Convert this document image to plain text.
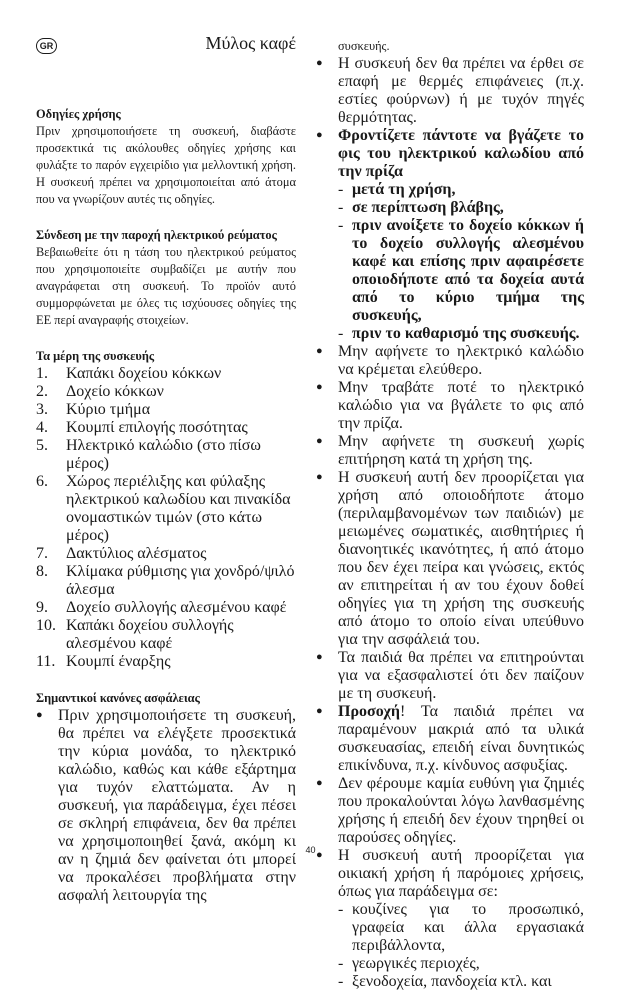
GR	Μύλος καφέ

Οδηγίες χρήσης

Πριν χρησιμοποιήσετε τη συσκευή, διαβάστε προσεκτικά τις ακόλουθες οδηγίες χρήσης και φυλάξτε το παρόν εγχειρίδιο για μελλοντική χρήση. Η συσκευή πρέπει να χρησιμοποιείται από άτομα που να γνωρίζουν αυτές τις οδηγίες.

Σύνδεση με την παροχή ηλεκτρικού ρεύματος

Βεβαιωθείτε ότι η τάση του ηλεκτρικού ρεύματος που χρησιμοποιείτε συμβαδίζει με αυτήν που αναγράφεται στη συσκευή. Το προϊόν αυτό συμμορφώνεται με όλες τις ισχύουσες οδηγίες της ΕΕ περί αναγραφής στοιχείων.

Τα μέρη της συσκευής

1.	Καπάκι δοχείου κόκκων
2.	Δοχείο κόκκων
3.	Κύριο τμήμα
4.	Κουμπί επιλογής ποσότητας
5.	Ηλεκτρικό καλώδιο (στο πίσω μέρος)
6.	Χώρος περιέλιξης και φύλαξης ηλεκτρικού καλωδίου και πινακίδα ονομαστικών τιμών (στο κάτω μέρος)
7.	Δακτύλιος αλέσματος
8.	Κλίμακα ρύθμισης για χονδρό/ψιλό άλεσμα
9.	Δοχείο συλλογής αλεσμένου καφέ
10. Καπάκι δοχείου συλλογής αλεσμένου καφέ
11. Κουμπί έναρξης

Σημαντικοί κανόνες ασφάλειας

● Πριν χρησιμοποιήσετε τη συσκευή, θα πρέπει να ελέγξετε προσεκτικά την κύρια μονάδα, το ηλεκτρικό καλώδιο, καθώς και κάθε εξάρτημα για τυχόν ελαττώματα. Αν η συσκευή, για παράδειγμα, έχει πέσει σε σκληρή επιφάνεια, δεν θα πρέπει να χρησιμοποιηθεί ξανά, ακόμη κι αν η ζημιά δεν φαίνεται ότι μπορεί να προκαλέσει προβλήματα στην ασφαλή λειτουργία της

συσκευής.

● Η συσκευή δεν θα πρέπει να έρθει σε επαφή με θερμές επιφάνειες (π.χ. εστίες φούρνων) ή με τυχόν πηγές θερμότητας.
● Φροντίζετε πάντοτε να βγάζετε το φις του ηλεκτρικού καλωδίου από την πρίζα
- μετά τη χρήση,
- σε περίπτωση βλάβης,
- πριν ανοίξετε το δοχείο κόκκων ή το δοχείο συλλογής αλεσμένου καφέ και επίσης πριν αφαιρέσετε οποιοδήποτε από τα δοχεία αυτά από το κύριο τμήμα της συσκευής,
- πριν το καθαρισμό της συσκευής.
● Μην αφήνετε το ηλεκτρικό καλώδιο να κρέμεται ελεύθερο.
● Μην τραβάτε ποτέ το ηλεκτρικό καλώδιο για να βγάλετε το φις από την πρίζα.
● Μην αφήνετε τη συσκευή χωρίς επιτήρηση κατά τη χρήση της.
● Η συσκευή αυτή δεν προορίζεται για χρήση από οποιοδήποτε άτομο (περιλαμβανομένων των παιδιών) με μειωμένες σωματικές, αισθητήριες ή διανοητικές ικανότητες, ή από άτομο που δεν έχει πείρα και γνώσεις, εκτός αν επιτηρείται ή αν του έχουν δοθεί οδηγίες για τη χρήση της συσκευής από άτομο το οποίο είναι υπεύθυνο για την ασφάλειά του.
● Τα παιδιά θα πρέπει να επιτηρούνται για να εξασφαλιστεί ότι δεν παίζουν με τη συσκευή.
● Προσοχή! Τα παιδιά πρέπει να παραμένουν μακριά από τα υλικά συσκευασίας, επειδή είναι δυνητικώς επικίνδυνα, π.χ. κίνδυνος ασφυξίας.
● Δεν φέρουμε καμία ευθύνη για ζημιές που προκαλούνται λόγω λανθασμένης χρήσης ή επειδή δεν έχουν τηρηθεί οι παρούσες οδηγίες.
● Η συσκευή αυτή προορίζεται για οικιακή χρήση ή παρόμοιες χρήσεις, όπως για παράδειγμα σε:
- κουζίνες για το προσωπικό, γραφεία και άλλα εργασιακά περιβάλλοντα,
- γεωργικές περιοχές,
- ξενοδοχεία, πανδοχεία κτλ. και
40
